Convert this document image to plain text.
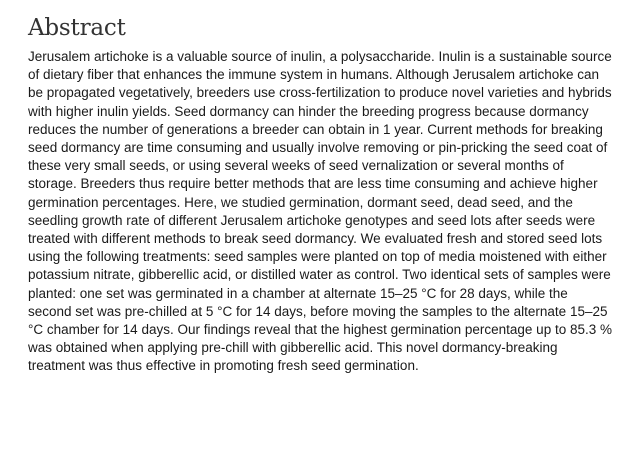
Abstract

Jerusalem artichoke is a valuable source of inulin, a polysaccharide. Inulin is a sustainable source of dietary fiber that enhances the immune system in humans. Although Jerusalem artichoke can be propagated vegetatively, breeders use cross-fertilization to produce novel varieties and hybrids with higher inulin yields. Seed dormancy can hinder the breeding progress because dormancy reduces the number of generations a breeder can obtain in 1 year. Current methods for breaking seed dormancy are time consuming and usually involve removing or pin-pricking the seed coat of these very small seeds, or using several weeks of seed vernalization or several months of storage. Breeders thus require better methods that are less time consuming and achieve higher germination percentages. Here, we studied germination, dormant seed, dead seed, and the seedling growth rate of different Jerusalem artichoke genotypes and seed lots after seeds were treated with different methods to break seed dormancy. We evaluated fresh and stored seed lots using the following treatments: seed samples were planted on top of media moistened with either potassium nitrate, gibberellic acid, or distilled water as control. Two identical sets of samples were planted: one set was germinated in a chamber at alternate 15–25 °C for 28 days, while the second set was pre-chilled at 5 °C for 14 days, before moving the samples to the alternate 15–25 °C chamber for 14 days. Our findings reveal that the highest germination percentage up to 85.3 % was obtained when applying pre-chill with gibberellic acid. This novel dormancy-breaking treatment was thus effective in promoting fresh seed germination.
